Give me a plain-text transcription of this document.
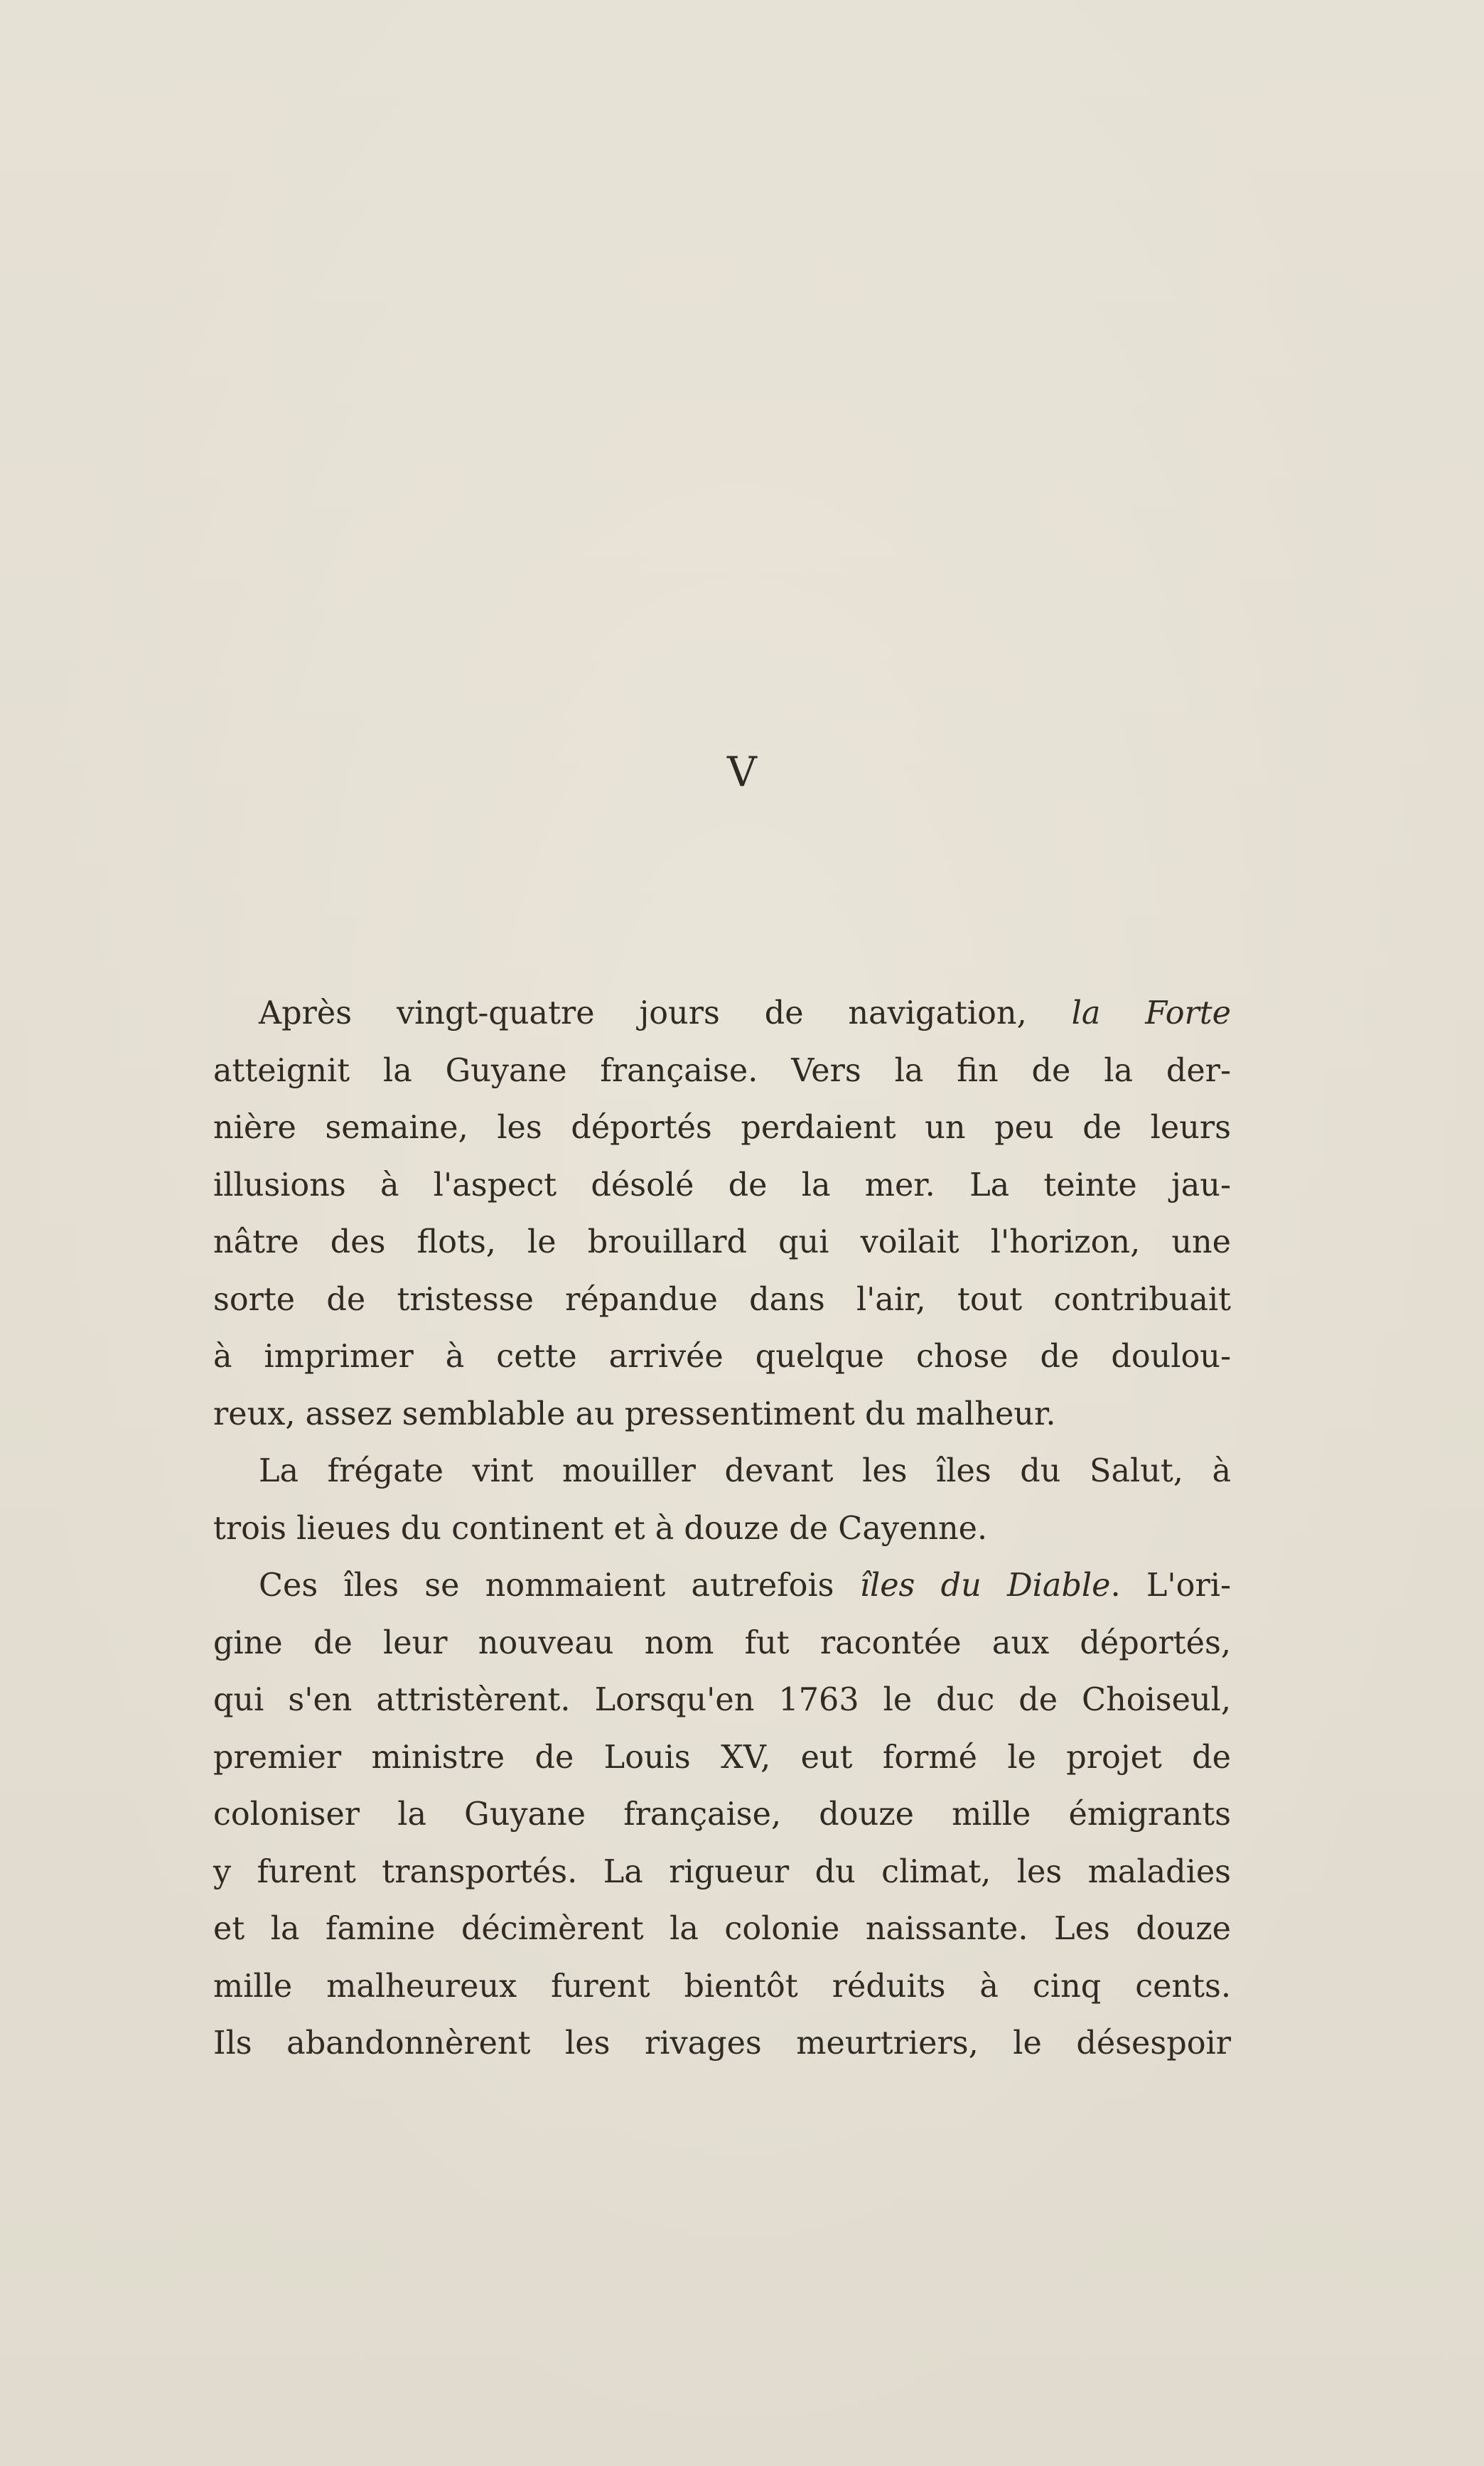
V

Après vingt-quatre jours de navigation, la Forte
atteignit la Guyane française. Vers la fin de la der-
nière semaine, les déportés perdaient un peu de leurs
illusions à l'aspect désolé de la mer. La teinte jau-
nâtre des flots, le brouillard qui voilait l'horizon, une
sorte de tristesse répandue dans l'air, tout contribuait
à imprimer à cette arrivée quelque chose de doulou-
reux, assez semblable au pressentiment du malheur.

La frégate vint mouiller devant les îles du Salut, à
trois lieues du continent et à douze de Cayenne.

Ces îles se nommaient autrefois îles du Diable. L'ori-
gine de leur nouveau nom fut racontée aux déportés,
qui s'en attristèrent. Lorsqu'en 1763 le duc de Choiseul,
premier ministre de Louis XV, eut formé le projet de
coloniser la Guyane française, douze mille émigrants
y furent transportés. La rigueur du climat, les maladies
et la famine décimèrent la colonie naissante. Les douze
mille malheureux furent bientôt réduits à cinq cents.
Ils abandonnèrent les rivages meurtriers, le désespoir
